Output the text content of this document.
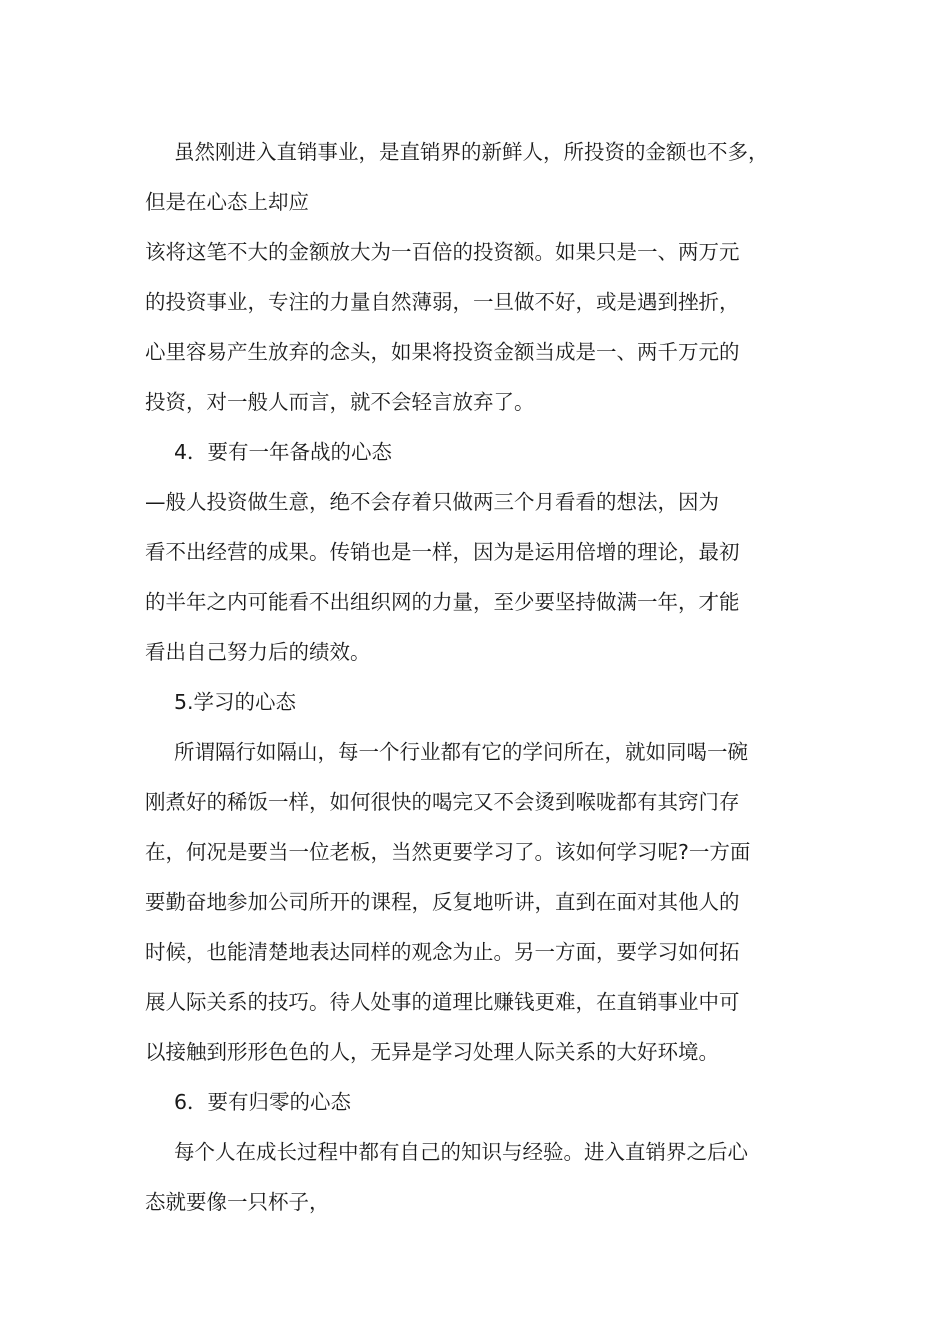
虽然刚进入直销事业，是直销界的新鲜人，所投资的金额也不多，
但是在心态上却应
该将这笔不大的金额放大为一百倍的投资额。如果只是一、两万元
的投资事业，专注的力量自然薄弱，一旦做不好，或是遇到挫折，
心里容易产生放弃的念头，如果将投资金额当成是一、两千万元的
投资，对一般人而言，就不会轻言放弃了。
4．要有一年备战的心态
—般人投资做生意，绝不会存着只做两三个月看看的想法，因为
看不出经营的成果。传销也是一样，因为是运用倍增的理论，最初
的半年之内可能看不出组织网的力量，至少要坚持做满一年，才能
看出自己努力后的绩效。
5.学习的心态
所谓隔行如隔山，每一个行业都有它的学问所在，就如同喝一碗
刚煮好的稀饭一样，如何很快的喝完又不会烫到喉咙都有其窍门存
在，何况是要当一位老板，当然更要学习了。该如何学习呢?一方面
要勤奋地参加公司所开的课程，反复地听讲，直到在面对其他人的
时候，也能清楚地表达同样的观念为止。另一方面，要学习如何拓
展人际关系的技巧。待人处事的道理比赚钱更难，在直销事业中可
以接触到形形色色的人，无异是学习处理人际关系的大好环境。
6．要有归零的心态
每个人在成长过程中都有自己的知识与经验。进入直销界之后心
态就要像一只杯子，
